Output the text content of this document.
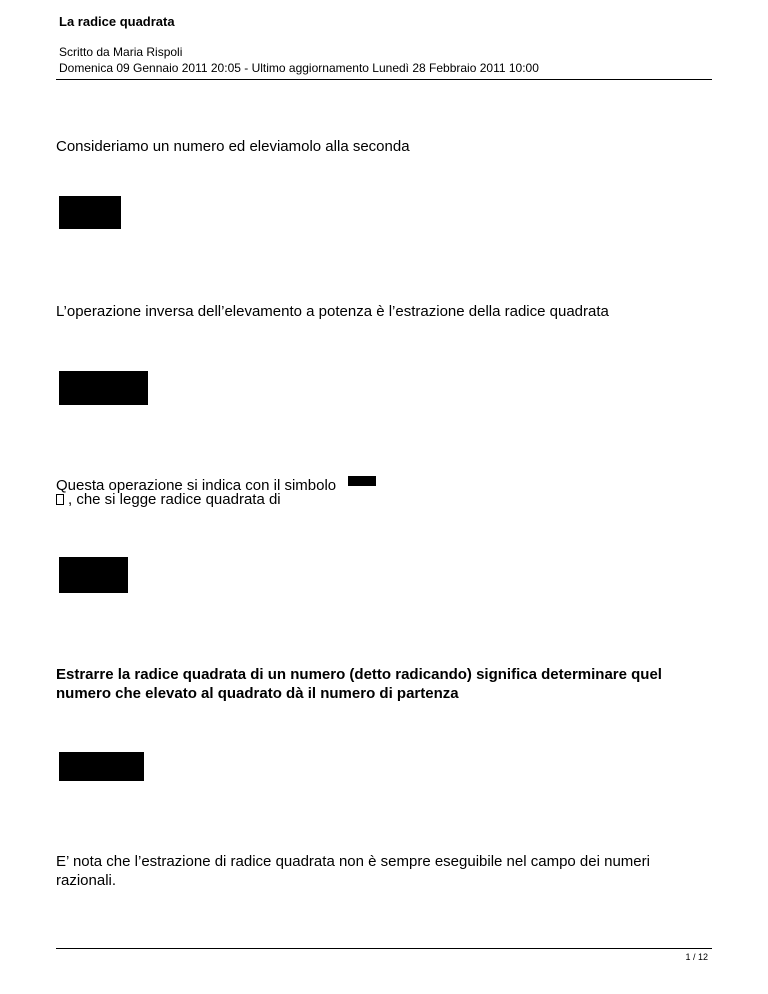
La radice quadrata
Scritto da Maria Rispoli
Domenica 09 Gennaio 2011 20:05 - Ultimo aggiornamento Lunedì 28 Febbraio 2011 10:00

Consideriamo un numero ed eleviamolo alla seconda

L’operazione inversa dell’elevamento a potenza è l’estrazione della radice quadrata

Questa operazione si indica con il simbolo

, che si legge radice quadrata di
Estrarre la radice quadrata di un numero (detto radicando) significa determinare quel
numero che elevato al quadrato dà il numero di partenza
E’ nota che l’estrazione di radice quadrata non è sempre eseguibile nel campo dei numeri
razionali.
1 / 12
